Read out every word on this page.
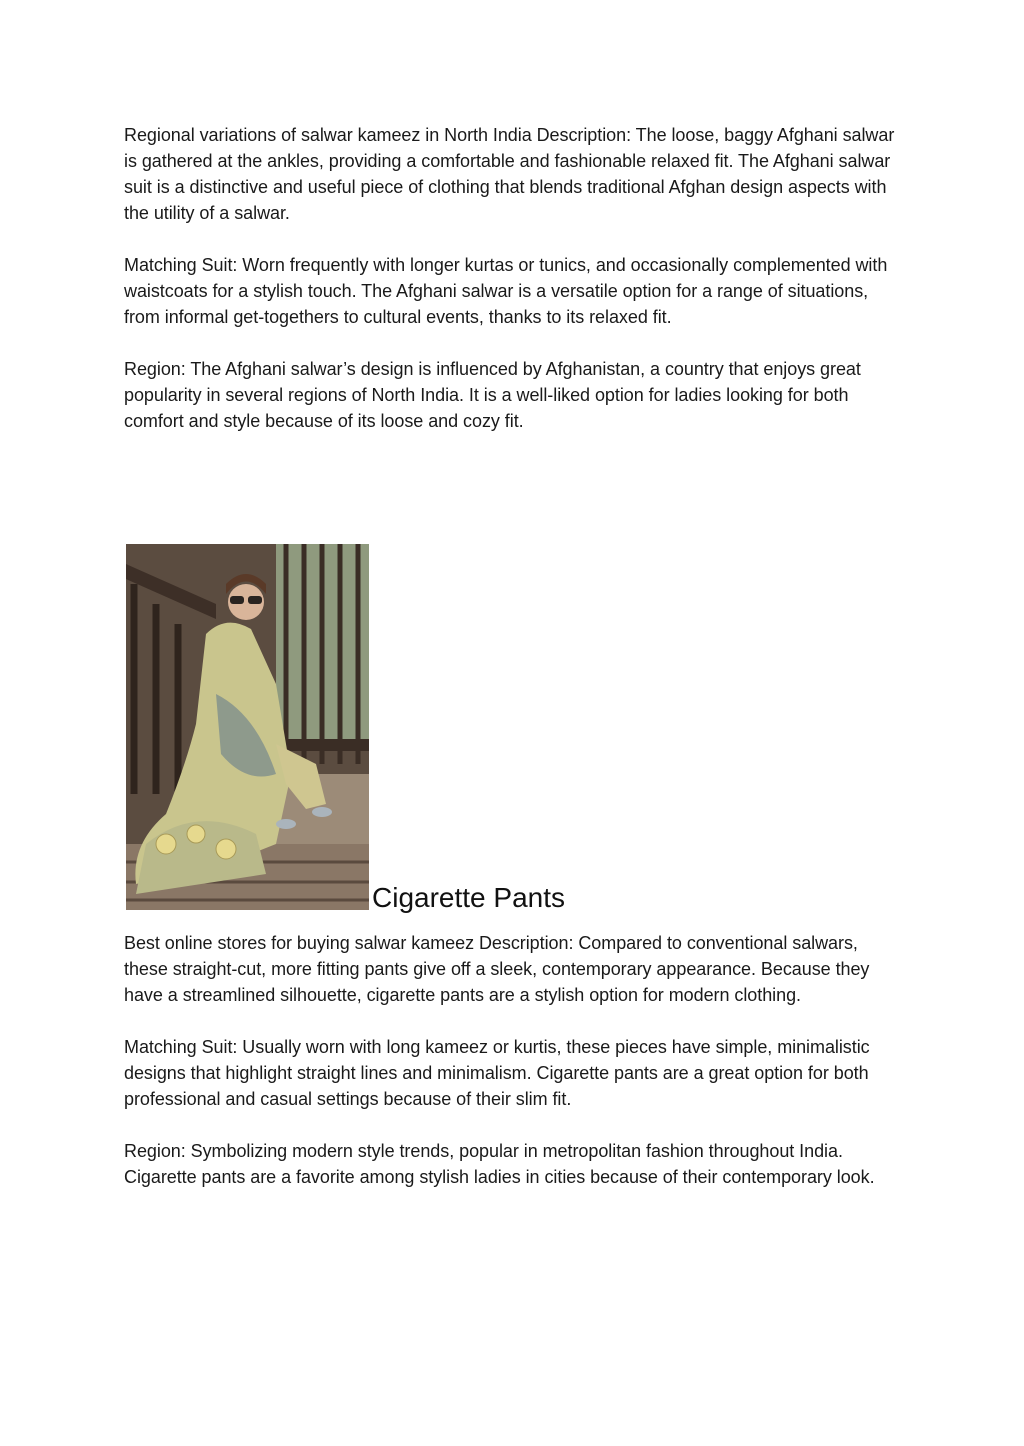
Regional variations of salwar kameez in North India Description: The loose, baggy Afghani salwar is gathered at the ankles, providing a comfortable and fashionable relaxed fit. The Afghani salwar suit is a distinctive and useful piece of clothing that blends traditional Afghan design aspects with the utility of a salwar.

Matching Suit: Worn frequently with longer kurtas or tunics, and occasionally complemented with waistcoats for a stylish touch. The Afghani salwar is a versatile option for a range of situations, from informal get-togethers to cultural events, thanks to its relaxed fit.

Region: The Afghani salwar’s design is influenced by Afghanistan, a country that enjoys great popularity in several regions of North India. It is a well-liked option for ladies looking for both comfort and style because of its loose and cozy fit.

Cigarette Pants

Best online stores for buying salwar kameez Description: Compared to conventional salwars, these straight-cut, more fitting pants give off a sleek, contemporary appearance. Because they have a streamlined silhouette, cigarette pants are a stylish option for modern clothing.

Matching Suit: Usually worn with long kameez or kurtis, these pieces have simple, minimalistic designs that highlight straight lines and minimalism. Cigarette pants are a great option for both professional and casual settings because of their slim fit.

Region: Symbolizing modern style trends, popular in metropolitan fashion throughout India. Cigarette pants are a favorite among stylish ladies in cities because of their contemporary look.
